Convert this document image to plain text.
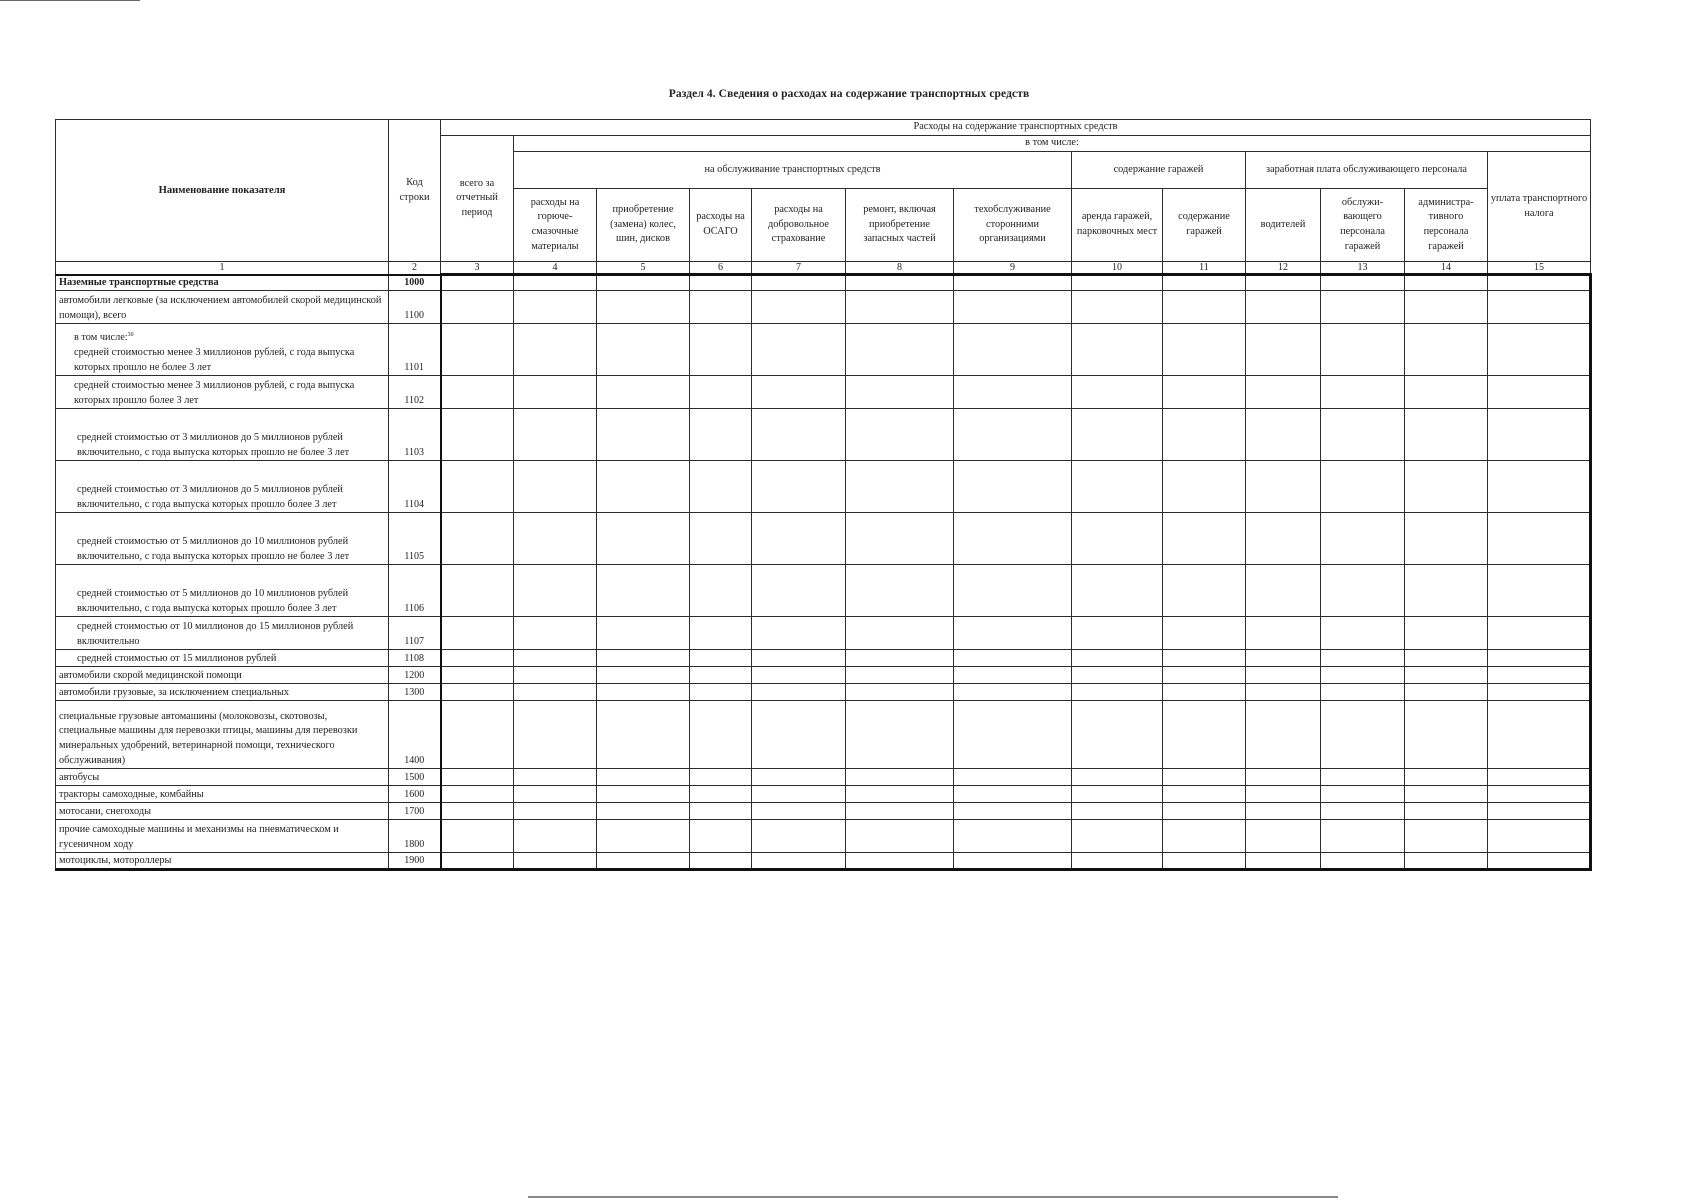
Раздел 4. Сведения о расходах на содержание транспортных средств
Наименование показателя	Код строки	Расходы на содержание транспортных средств												
		всего за отчетный период	в том числе:											
			на обслуживание транспортных средств						содержание гаражей		заработная плата обслуживающего персонала			уплата транспортного налога
			расходы на горюче-смазочные материалы	приобретение (замена) колес, шин, дисков	расходы на ОСАГО	расходы на добровольное страхование	ремонт, включая приобретение запасных частей	техобслуживание сторонними организациями	аренда гаражей, парковочных мест	содержание гаражей	водителей	обслужи-вающего персонала гаражей	администра-тивного персонала гаражей	
1	2	3	4	5	6	7	8	9	10	11	12	13	14	15
Наземные транспортные средства	1000													
автомобили легковые (за исключением автомобилей скорой медицинской помощи), всего	1100													

в том числе:$^{30}$
средней стоимостью менее 3 миллионов рублей, с года выпуска которых прошло не более 3 лет	1101													
средней стоимостью менее 3 миллионов рублей, с года выпуска которых прошло более 3 лет	1102													
средней стоимостью от 3 миллионов до 5 миллионов рублей включительно, с года выпуска которых прошло не более 3 лет	1103													
средней стоимостью от 3 миллионов до 5 миллионов рублей включительно, с года выпуска которых прошло более 3 лет	1104													
средней стоимостью от 5 миллионов до 10 миллионов рублей включительно, с года выпуска которых прошло не более 3 лет	1105													
средней стоимостью от 5 миллионов до 10 миллионов рублей включительно, с года выпуска которых прошло более 3 лет	1106													
средней стоимостью от 10 миллионов до 15 миллионов рублей включительно	1107													
средней стоимостью от 15 миллионов рублей	1108													
автомобили скорой медицинской помощи	1200													
автомобили грузовые, за исключением специальных	1300													
специальные грузовые автомашины (молоковозы, скотовозы, специальные машины для перевозки птицы, машины для перевозки минеральных удобрений, ветеринарной помощи, технического обслуживания)	1400													
автобусы	1500													
тракторы самоходные, комбайны	1600													
мотосани, снегоходы	1700													
прочие самоходные машины и механизмы на пневматическом и гусеничном ходу	1800													
мотоциклы, мотороллеры	1900													
